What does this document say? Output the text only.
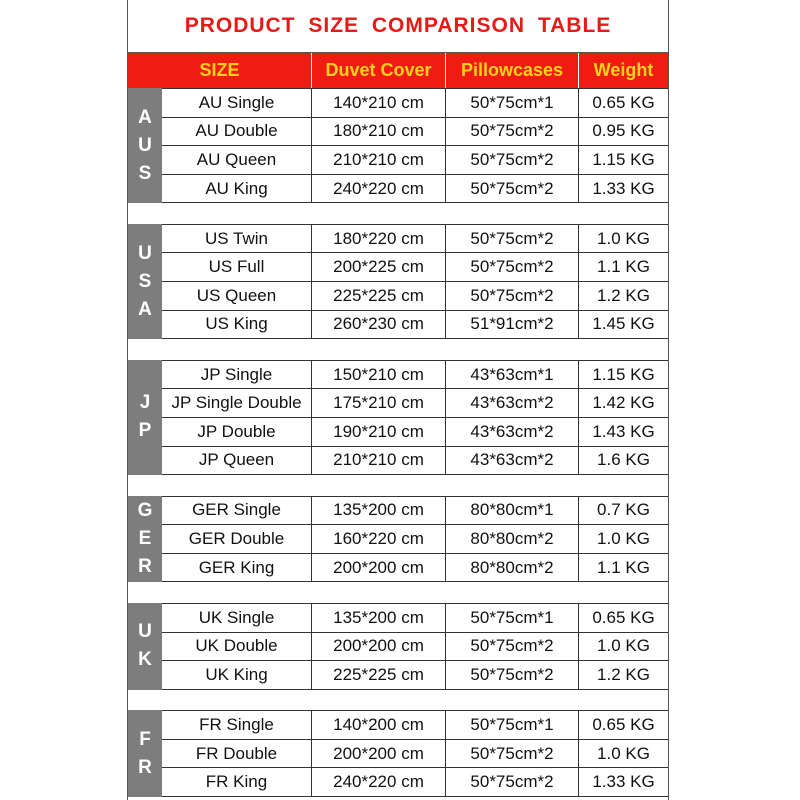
PRODUCT SIZE COMPARISON TABLE
SIZE	Duvet Cover	Pillowcases	Weight
A
U
S
AU Single	140*210 cm	50*75cm*1	0.65 KG
AU Double	180*210 cm	50*75cm*2	0.95 KG
AU Queen	210*210 cm	50*75cm*2	1.15 KG
AU King	240*220 cm	50*75cm*2	1.33 KG
U
S
A
US Twin	180*220 cm	50*75cm*2	1.0 KG
US Full	200*225 cm	50*75cm*2	1.1 KG
US Queen	225*225 cm	50*75cm*2	1.2 KG
US King	260*230 cm	51*91cm*2	1.45 KG
J
P
JP Single	150*210 cm	43*63cm*1	1.15 KG
JP Single Double	175*210 cm	43*63cm*2	1.42 KG
JP Double	190*210 cm	43*63cm*2	1.43 KG
JP Queen	210*210 cm	43*63cm*2	1.6 KG
G
E
R
GER Single	135*200 cm	80*80cm*1	0.7 KG
GER Double	160*220 cm	80*80cm*2	1.0 KG
GER King	200*200 cm	80*80cm*2	1.1 KG
U
K
UK Single	135*200 cm	50*75cm*1	0.65 KG
UK Double	200*200 cm	50*75cm*2	1.0 KG
UK King	225*225 cm	50*75cm*2	1.2 KG
F
R
FR Single	140*200 cm	50*75cm*1	0.65 KG
FR Double	200*200 cm	50*75cm*2	1.0 KG
FR King	240*220 cm	50*75cm*2	1.33 KG
